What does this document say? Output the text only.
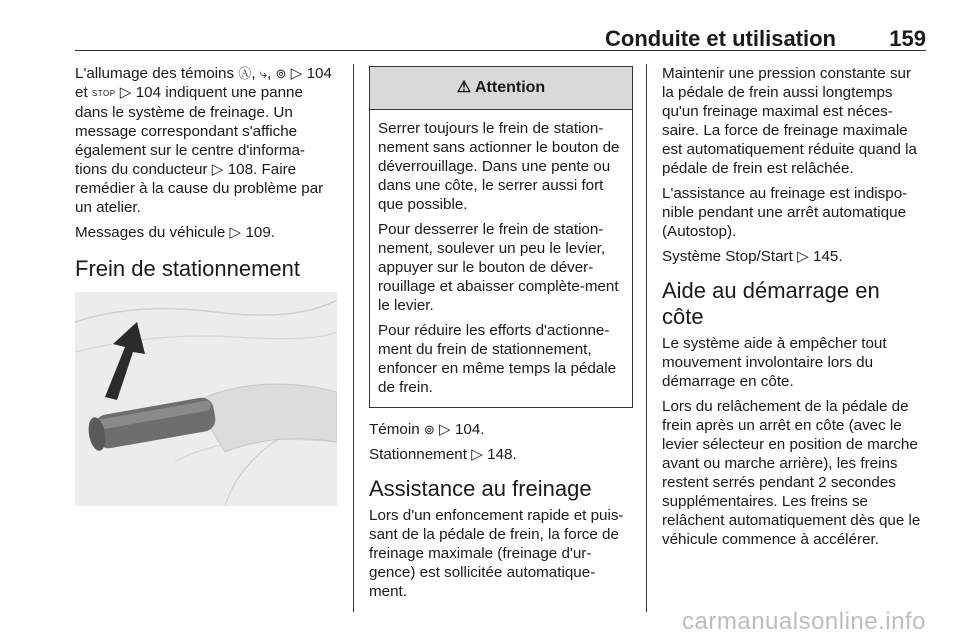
Conduite et utilisation 159

L'allumage des témoins Ⓐ, ⤷, ⊚ ▷ 104 et STOP ▷ 104 indiquent une panne dans le système de freinage. Un message correspondant s'affiche également sur le centre d'informa-tions du conducteur ▷ 108. Faire remédier à la cause du problème par un atelier.

Messages du véhicule ▷ 109.

Frein de stationnement
⚠ Attention

Serrer toujours le frein de station-nement sans actionner le bouton de déverrouillage. Dans une pente ou dans une côte, le serrer aussi fort que possible.

Pour desserrer le frein de station-nement, soulever un peu le levier, appuyer sur le bouton de déver-rouillage et abaisser complète-ment le levier.

Pour réduire les efforts d'actionne-ment du frein de stationnement, enfoncer en même temps la pédale de frein.

Témoin ⊚ ▷ 104.

Stationnement ▷ 148.

Assistance au freinage

Lors d'un enfoncement rapide et puis-sant de la pédale de frein, la force de freinage maximale (freinage d'ur-gence) est sollicitée automatique-ment.

Maintenir une pression constante sur la pédale de frein aussi longtemps qu'un freinage maximal est néces-saire. La force de freinage maximale est automatiquement réduite quand la pédale de frein est relâchée.

L'assistance au freinage est indispo-nible pendant une arrêt automatique (Autostop).

Système Stop/Start ▷ 145.

Aide au démarrage en côte

Le système aide à empêcher tout mouvement involontaire lors du démarrage en côte.

Lors du relâchement de la pédale de frein après un arrêt en côte (avec le levier sélecteur en position de marche avant ou marche arrière), les freins restent serrés pendant 2 secondes supplémentaires. Les freins se relâchent automatiquement dès que le véhicule commence à accélérer.

carmanualsonline.info
